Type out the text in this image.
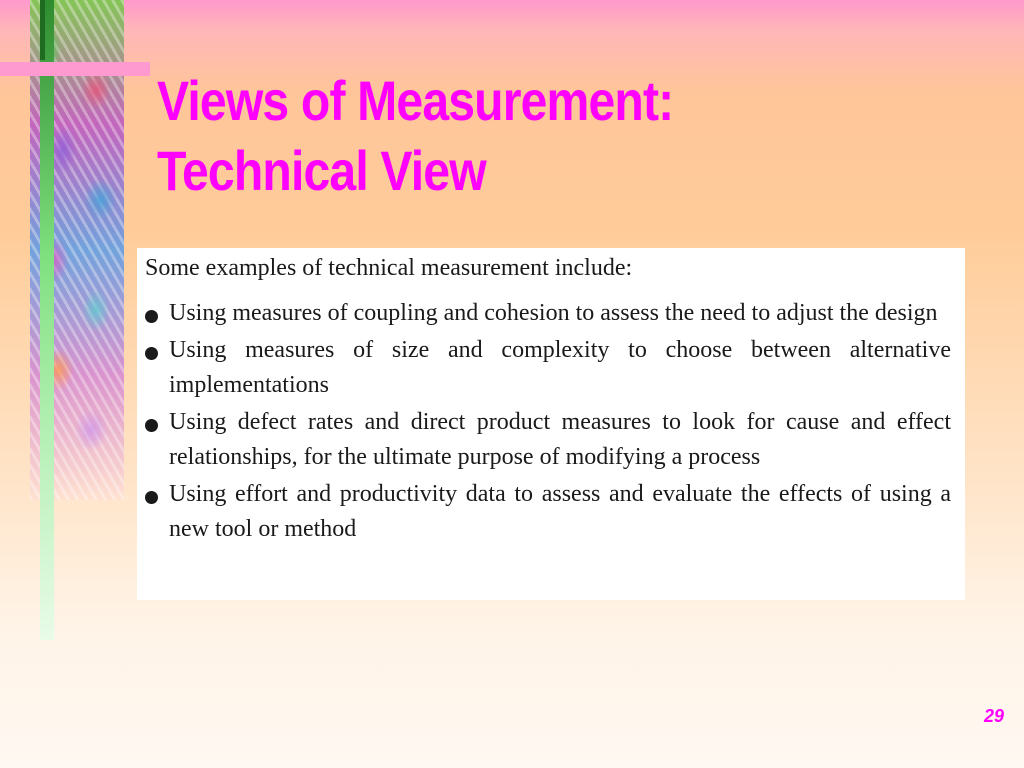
Views of Measurement:
Technical View

Some examples of technical measurement include:

Using measures of coupling and cohesion to assess the need to adjust the design
Using measures of size and complexity to choose between alternative implementations
Using defect rates and direct product measures to look for cause and effect relationships, for the ultimate purpose of modifying a process
Using effort and productivity data to assess and evaluate the effects of using a new tool or method
29
